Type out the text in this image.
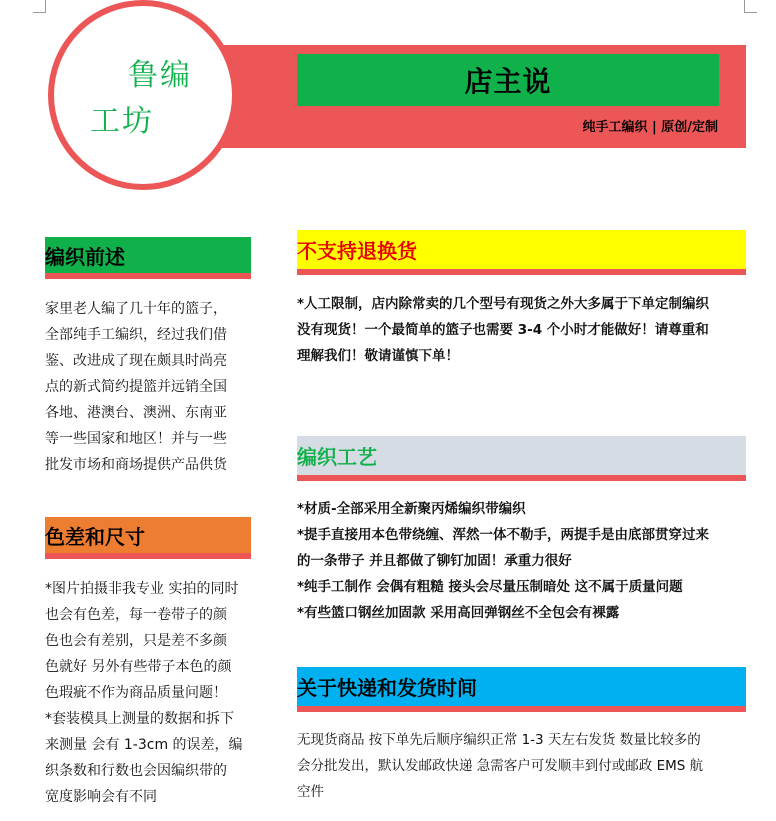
店主说
纯手工编织 | 原创/定制
鲁编
工坊
编织前述

家里老人编了几十年的篮子，

全部纯手工编织，经过我们借

鉴、改进成了现在颇具时尚亮

点的新式简约提篮并远销全国

各地、港澳台、澳洲、东南亚

等一些国家和地区！并与一些

批发市场和商场提供产品供货

色差和尺寸

*图片拍摄非我专业 实拍的同时

也会有色差，每一卷带子的颜

色也会有差别，只是差不多颜

色就好 另外有些带子本色的颜

色瑕疵不作为商品质量问题！

*套装模具上测量的数据和拆下

来测量 会有 1-3cm 的误差，编

织条数和行数也会因编织带的

宽度影响会有不同

不支持退换货

*人工限制，店内除常卖的几个型号有现货之外大多属于下单定制编织

没有现货！一个最简单的篮子也需要 3-4 个小时才能做好！请尊重和

理解我们！敬请谨慎下单！

编织工艺

*材质-全部采用全新聚丙烯编织带编织

*提手直接用本色带绕缠、浑然一体不勒手，两提手是由底部贯穿过来

的一条带子 并且都做了铆钉加固！承重力很好

*纯手工制作 会偶有粗糙 接头会尽量压制暗处 这不属于质量问题

*有些篮口钢丝加固款 采用高回弹钢丝不全包会有裸露

关于快递和发货时间

无现货商品 按下单先后顺序编织正常 1-3 天左右发货 数量比较多的

会分批发出，默认发邮政快递 急需客户可发顺丰到付或邮政 EMS 航

空件
